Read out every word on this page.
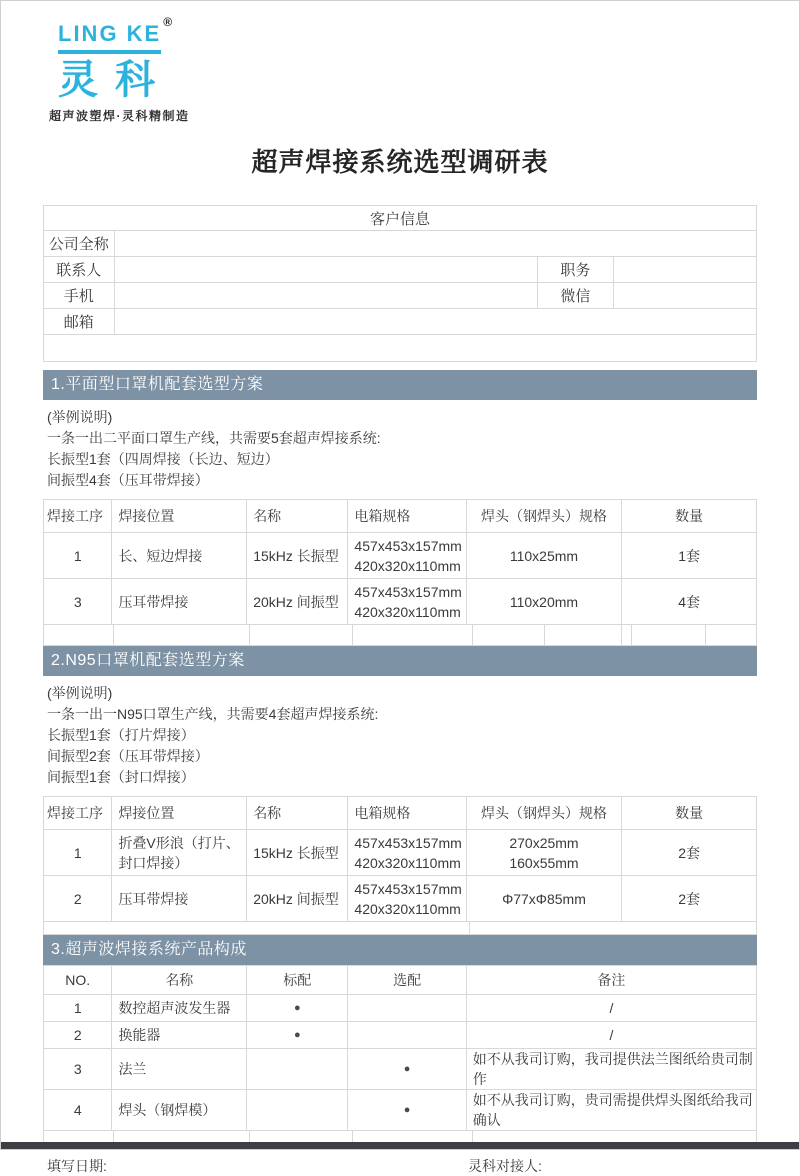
LING KE ®
灵科
超声波塑焊·灵科精制造
超声焊接系统选型调研表
客户信息			
公司全称			
联系人		职务	
手机		微信	
邮箱			

1.平面型口罩机配套选型方案
(举例说明)
一条一出二平面口罩生产线，共需要5套超声焊接系统:
长振型1套（四周焊接（长边、短边）
间振型4套（压耳带焊接）
焊接工序	焊接位置	名称	电箱规格	焊头（钢焊头）规格	数量
1	长、短边焊接	15kHz 长振型	457x453x157mm
420x320x110mm	110x25mm	1套
3	压耳带焊接	20kHz 间振型	457x453x157mm
420x320x110mm	110x20mm	4套
2.N95口罩机配套选型方案
(举例说明)
一条一出一N95口罩生产线，共需要4套超声焊接系统:
长振型1套（打片焊接）
间振型2套（压耳带焊接）
间振型1套（封口焊接）
焊接工序	焊接位置	名称	电箱规格	焊头（钢焊头）规格	数量
1	折叠V形浪（打片、封口焊接）	15kHz 长振型	457x453x157mm
420x320x110mm	270x25mm
160x55mm	2套
2	压耳带焊接	20kHz 间振型	457x453x157mm
420x320x110mm	Φ77xΦ85mm	2套
3.超声波焊接系统产品构成
NO.	名称	标配	选配	备注
1	数控超声波发生器	●		/
2	换能器	●		/
3	法兰		●	如不从我司订购，我司提供法兰图纸给贵司制作
4	焊头（钢焊模）		●	如不从我司订购，贵司需提供焊头图纸给我司确认
填写日期:	灵科对接人:
